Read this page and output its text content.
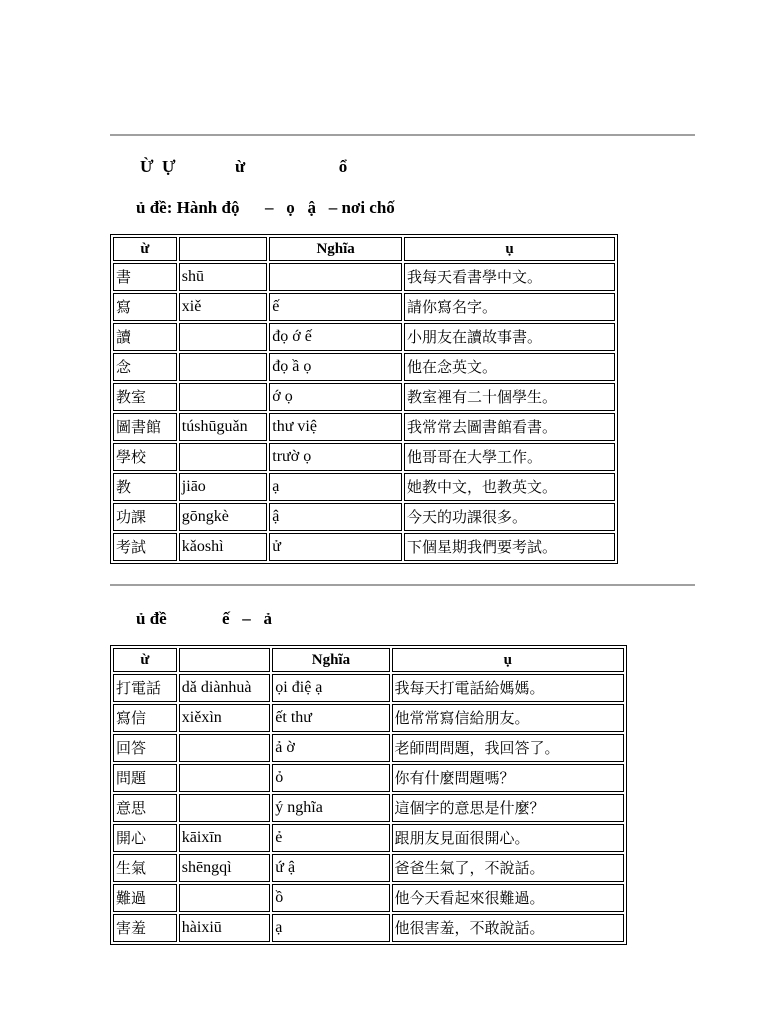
Ừ  Ự              ừ                      ổ
ủ đề: Hành độ      –   ọ   ậ   – nơi chố
ừ		Nghĩa	ụ
書	shū		我每天看書學中文。
寫	xiě	ế	請你寫名字。
讀		đọ ớ ế	小朋友在讀故事書。
念		đọ ầ ọ	他在念英文。
教室		ớ ọ	教室裡有二十個學生。
圖書館	túshūguǎn	thư việ	我常常去圖書館看書。
學校		trườ ọ	他哥哥在大學工作。
教	jiāo	ạ	她教中文，也教英文。
功課	gōngkè	ậ	今天的功課很多。
考試	kǎoshì	ử	下個星期我們要考試。
ủ đề             ế   –   ả
ừ		Nghĩa	ụ
打電話	dǎ diànhuà	ọi điệ ạ	我每天打電話給媽媽。
寫信	xiěxìn	ết thư	他常常寫信給朋友。
回答		ả ờ	老師問問題，我回答了。
問題		ỏ	你有什麼問題嗎？
意思		ý nghĩa	這個字的意思是什麼？
開心	kāixīn	ẻ	跟朋友見面很開心。
生氣	shēngqì	ứ ậ	爸爸生氣了，不說話。
難過		ồ	他今天看起來很難過。
害羞	hàixiū	ạ	他很害羞，不敢說話。
